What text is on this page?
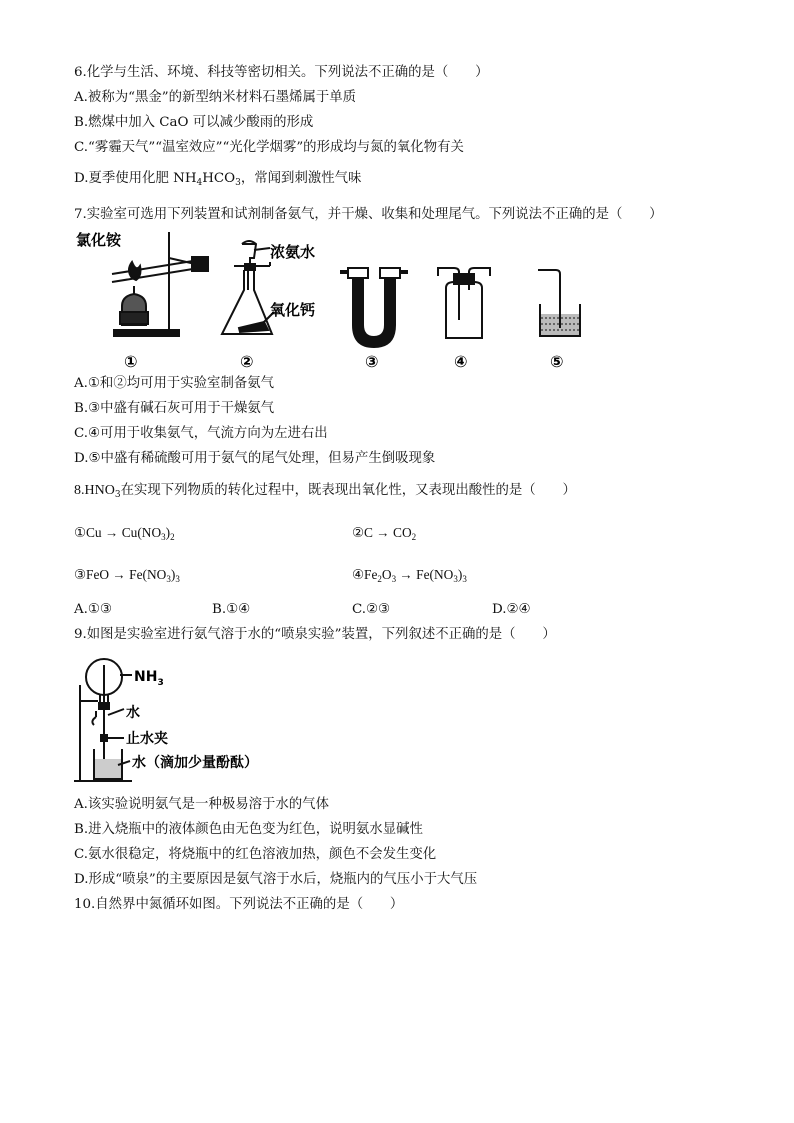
6.化学与生活、环境、科技等密切相关。下列说法不正确的是（　　）
A.被称为“黑金”的新型纳米材料石墨烯属于单质
B.燃煤中加入 CaO 可以减少酸雨的形成
C.“雾霾天气”“温室效应”“光化学烟雾”的形成均与氮的氧化物有关
D.夏季使用化肥 $NH_4HCO_3$，常闻到刺激性气味
7.实验室可选用下列装置和试剂制备氨气，并干燥、收集和处理尾气。下列说法不正确的是（　　）
氯化铵
①
浓氨水
氧化钙
②	③	④	⑤
A.①和②均可用于实验室制备氨气
B.③中盛有碱石灰可用于干燥氨气
C.④可用于收集氨气，气流方向为左进右出
D.⑤中盛有稀硫酸可用于氨气的尾气处理，但易产生倒吸现象
$8.HNO_3$在实现下列物质的转化过程中，既表现出氧化性，又表现出酸性的是（　　）
①Cu → $Cu(NO_3)_2$	②C → $CO_2$
③FeO → $Fe(NO_3)_3$	$④Fe_2O_3 \to Fe(NO_3)_3$
A.①③	B.①④	C.②③	D.②④
9.如图是实验室进行氨气溶于水的“喷泉实验”装置，下列叙述不正确的是（　　）
$NH_3$
水
止水夹
水（滴加少量酚酞）
A.该实验说明氨气是一种极易溶于水的气体
B.进入烧瓶中的液体颜色由无色变为红色，说明氨水显碱性
C.氨水很稳定，将烧瓶中的红色溶液加热，颜色不会发生变化
D.形成“喷泉”的主要原因是氨气溶于水后，烧瓶内的气压小于大气压
10.自然界中氮循环如图。下列说法不正确的是（　　）
